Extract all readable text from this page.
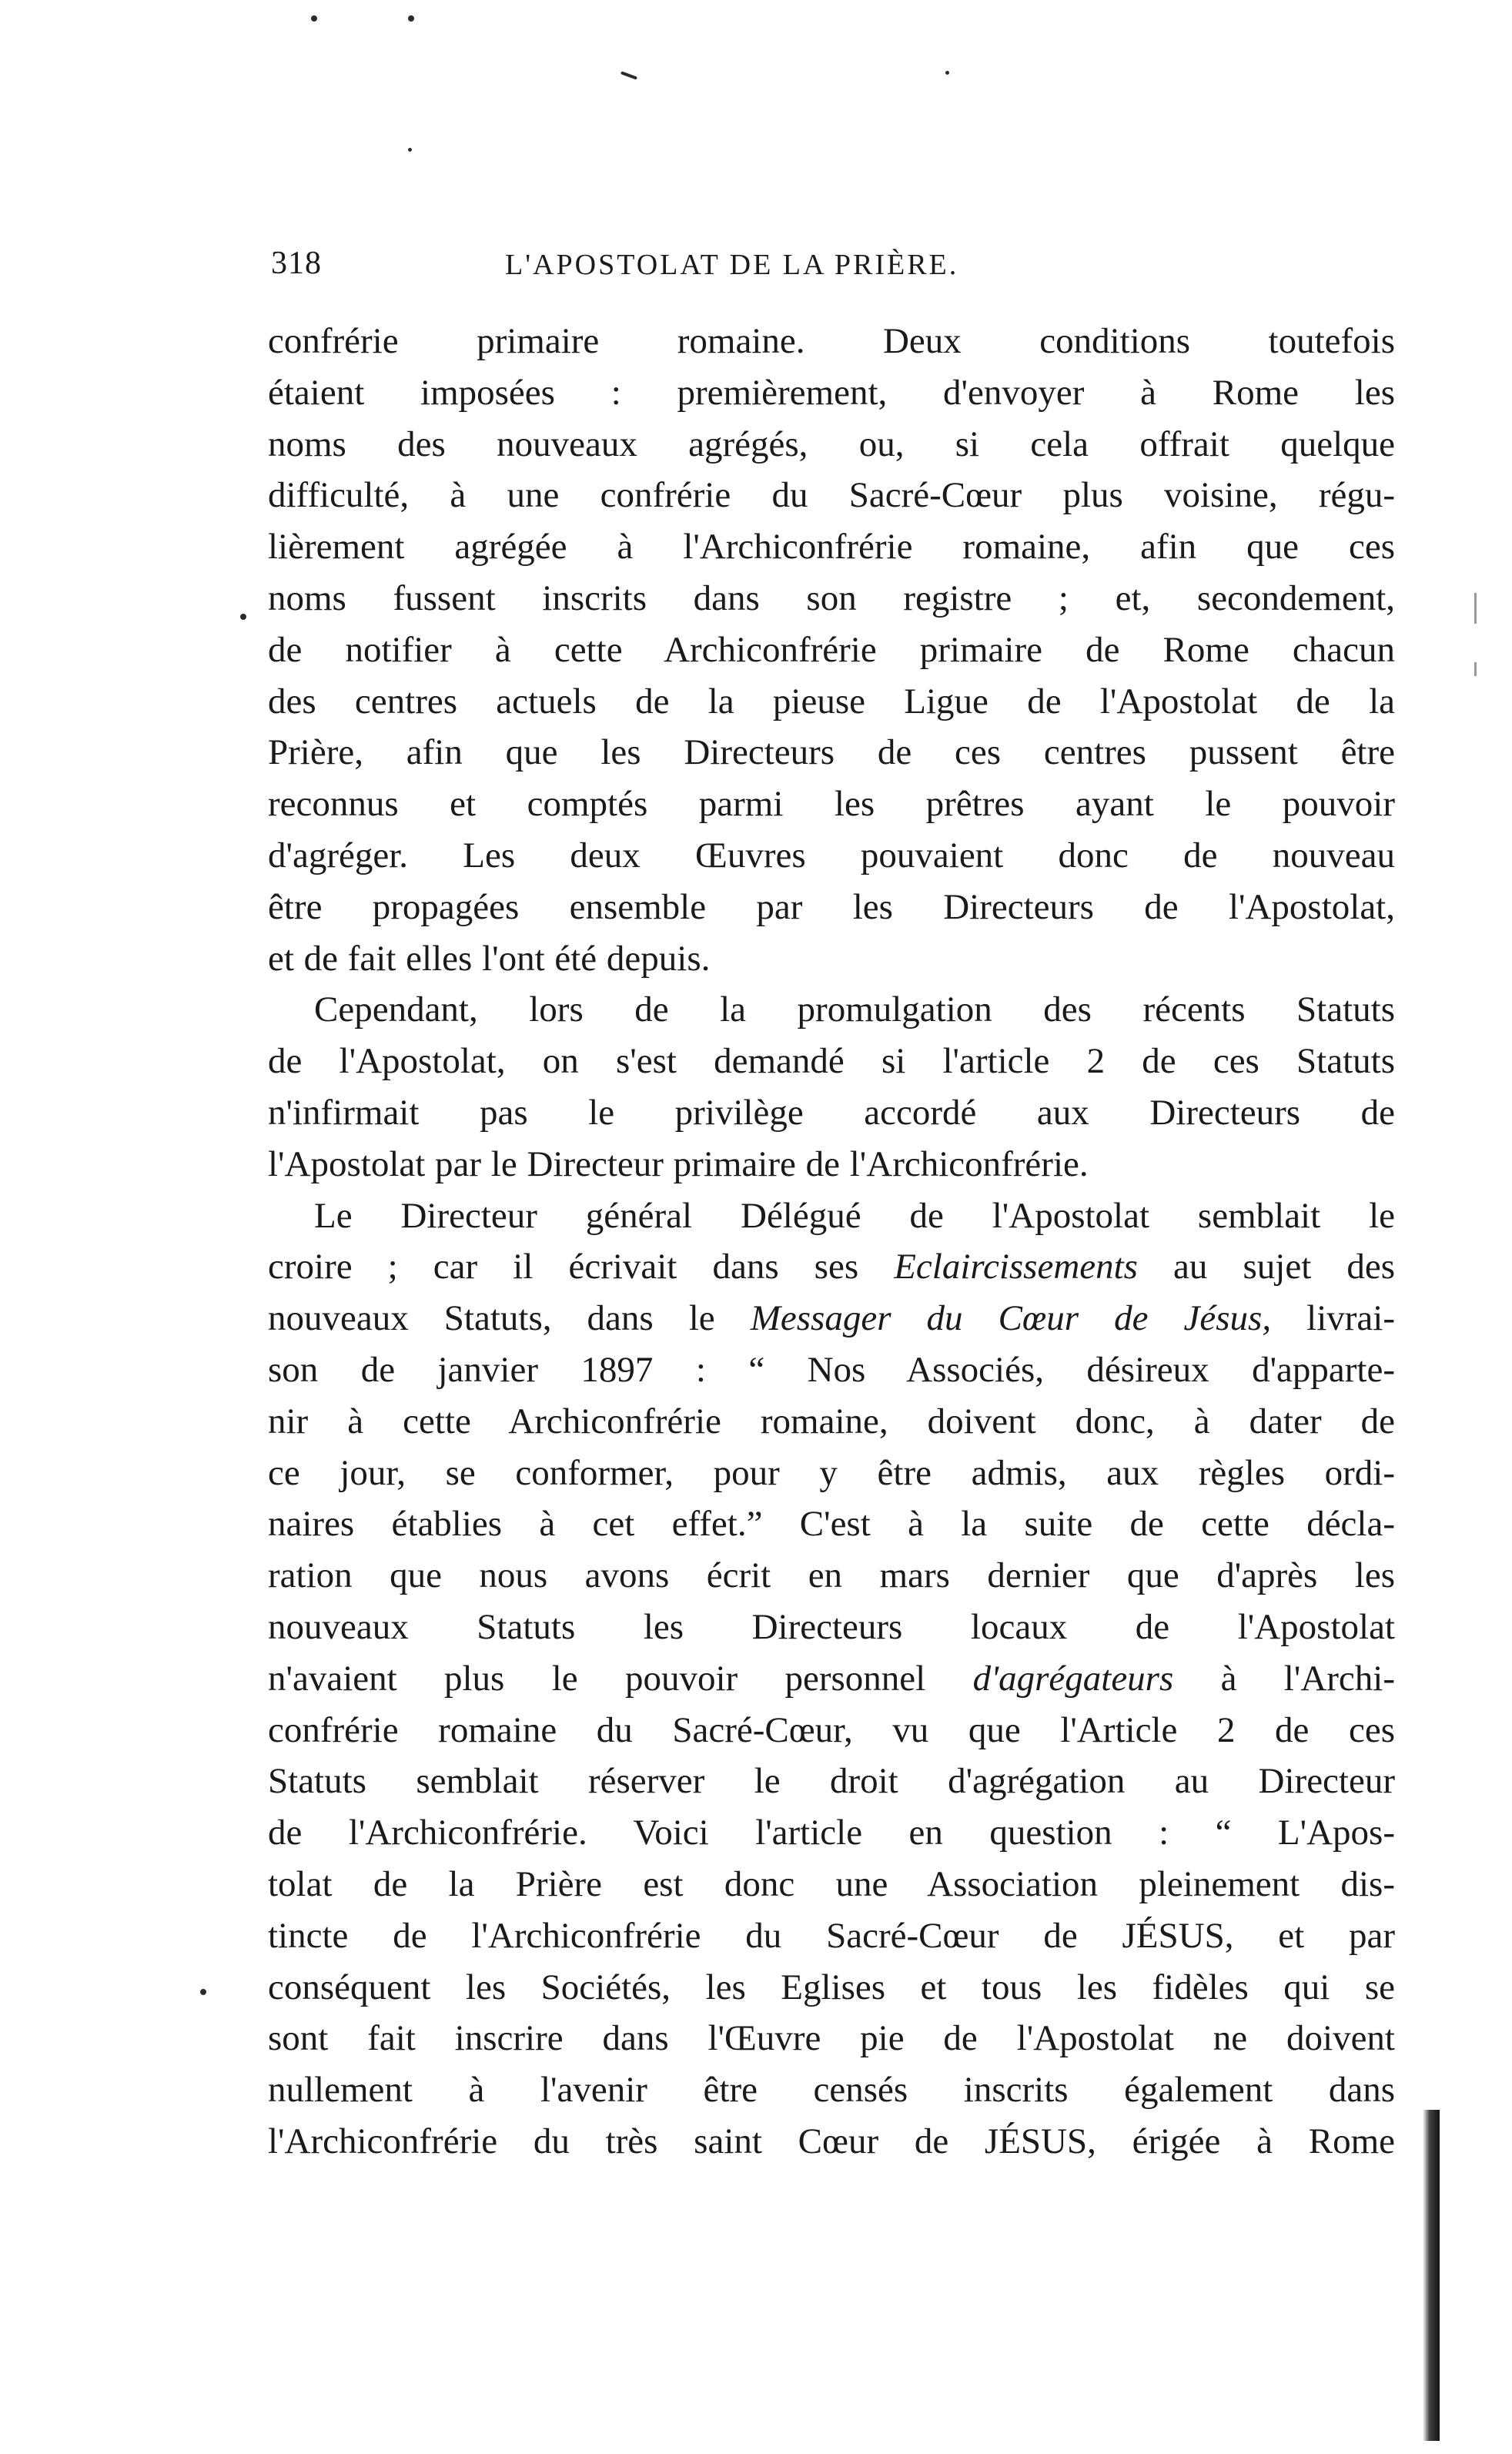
318	L'APOSTOLAT DE LA PRIÈRE.
confrérie primaire romaine. Deux conditions toutefois
étaient imposées : premièrement, d'envoyer à Rome les
noms des nouveaux agrégés, ou, si cela offrait quelque
difficulté, à une confrérie du Sacré-Cœur plus voisine, régu-
lièrement agrégée à l'Archiconfrérie romaine, afin que ces
noms fussent inscrits dans son registre ; et, secondement,
de notifier à cette Archiconfrérie primaire de Rome chacun
des centres actuels de la pieuse Ligue de l'Apostolat de la
Prière, afin que les Directeurs de ces centres pussent être
reconnus et comptés parmi les prêtres ayant le pouvoir
d'agréger. Les deux Œuvres pouvaient donc de nouveau
être propagées ensemble par les Directeurs de l'Apostolat,
et de fait elles l'ont été depuis.
Cependant, lors de la promulgation des récents Statuts
de l'Apostolat, on s'est demandé si l'article 2 de ces Statuts
n'infirmait pas le privilège accordé aux Directeurs de
l'Apostolat par le Directeur primaire de l'Archiconfrérie.
Le Directeur général Délégué de l'Apostolat semblait le
croire ; car il écrivait dans ses Eclaircissements au sujet des
nouveaux Statuts, dans le Messager du Cœur de Jésus, livrai-
son de janvier 1897 : “ Nos Associés, désireux d'apparte-
nir à cette Archiconfrérie romaine, doivent donc, à dater de
ce jour, se conformer, pour y être admis, aux règles ordi-
naires établies à cet effet.” C'est à la suite de cette décla-
ration que nous avons écrit en mars dernier que d'après les
nouveaux Statuts les Directeurs locaux de l'Apostolat
n'avaient plus le pouvoir personnel d'agrégateurs à l'Archi-
confrérie romaine du Sacré-Cœur, vu que l'Article 2 de ces
Statuts semblait réserver le droit d'agrégation au Directeur
de l'Archiconfrérie. Voici l'article en question : “ L'Apos-
tolat de la Prière est donc une Association pleinement dis-
tincte de l'Archiconfrérie du Sacré-Cœur de JÉSUS, et par
conséquent les Sociétés, les Eglises et tous les fidèles qui se
sont fait inscrire dans l'Œuvre pie de l'Apostolat ne doivent
nullement à l'avenir être censés inscrits également dans
l'Archiconfrérie du très saint Cœur de JÉSUS, érigée à Rome
